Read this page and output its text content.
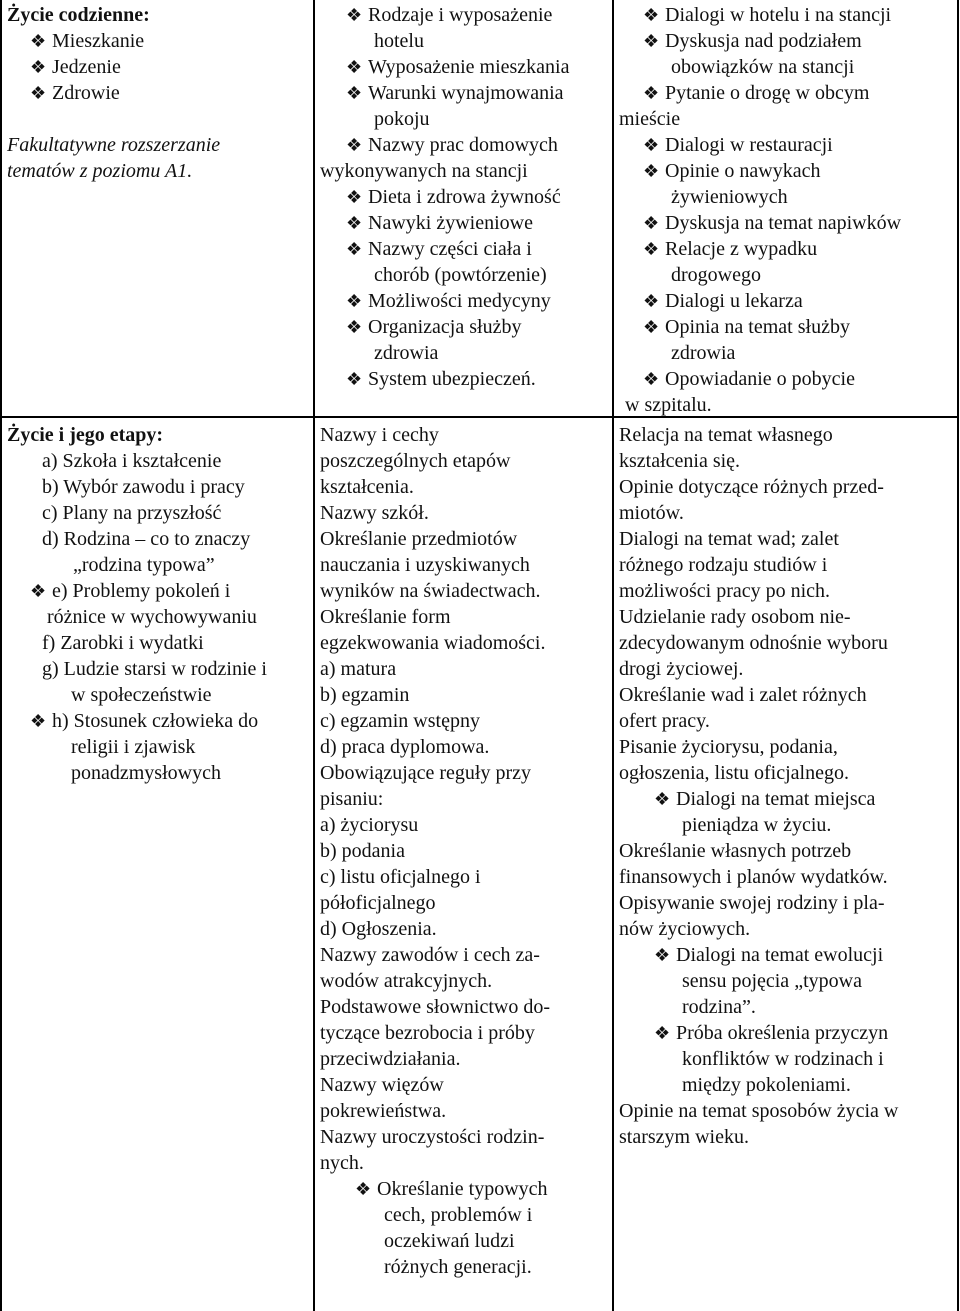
Życie codzienne:
❖ Mieszkanie
❖ Jedzenie
❖ Zdrowie
Fakultatywne rozszerzanie
tematów z poziomu A1.
Życie i jego etapy:
a) Szkoła i kształcenie
b) Wybór zawodu i pracy
c) Plany na przyszłość
d) Rodzina – co to znaczy
„rodzina typowa”
❖ e) Problemy pokoleń i
różnice w wychowywaniu
f) Zarobki i wydatki
g) Ludzie starsi w rodzinie i
w społeczeństwie
❖ h) Stosunek człowieka do
religii i zjawisk
ponadzmysłowych
❖ Rodzaje i wyposażenie
hotelu
❖ Wyposażenie mieszkania
❖ Warunki wynajmowania
pokoju
❖ Nazwy prac domowych
wykonywanych na stancji
❖ Dieta i zdrowa żywność
❖ Nawyki żywieniowe
❖ Nazwy części ciała i
chorób (powtórzenie)
❖ Możliwości medycyny
❖ Organizacja służby
zdrowia
❖ System ubezpieczeń.
Nazwy i cechy
poszczególnych etapów
kształcenia.
Nazwy szkół.
Określanie przedmiotów
nauczania i uzyskiwanych
wyników na świadectwach.
Określanie form
egzekwowania wiadomości.
a) matura
b) egzamin
c) egzamin wstępny
d) praca dyplomowa.
Obowiązujące reguły przy
pisaniu:
a) życiorysu
b) podania
c) listu oficjalnego i
półoficjalnego
d) Ogłoszenia.
Nazwy zawodów i cech za-
wodów atrakcyjnych.
Podstawowe słownictwo do-
tyczące bezrobocia i próby
przeciwdziałania.
Nazwy więzów
pokrewieństwa.
Nazwy uroczystości rodzin-
nych.
❖ Określanie typowych
cech, problemów i
oczekiwań ludzi
różnych generacji.
❖ Dialogi w hotelu i na stancji
❖ Dyskusja nad podziałem
obowiązków na stancji
❖ Pytanie o drogę w obcym
mieście
❖ Dialogi w restauracji
❖ Opinie o nawykach
żywieniowych
❖ Dyskusja na temat napiwków
❖ Relacje z wypadku
drogowego
❖ Dialogi u lekarza
❖ Opinia na temat służby
zdrowia
❖ Opowiadanie o pobycie
w szpitalu.
Relacja na temat własnego
kształcenia się.
Opinie dotyczące różnych przed-
miotów.
Dialogi na temat wad; zalet
różnego rodzaju studiów i
możliwości pracy po nich.
Udzielanie rady osobom nie-
zdecydowanym odnośnie wyboru
drogi życiowej.
Określanie wad i zalet różnych
ofert pracy.
Pisanie życiorysu, podania,
ogłoszenia, listu oficjalnego.
❖ Dialogi na temat miejsca
pieniądza w życiu.
Określanie własnych potrzeb
finansowych i planów wydatków.
Opisywanie swojej rodziny i pla-
nów życiowych.
❖ Dialogi na temat ewolucji
sensu pojęcia „typowa
rodzina”.
❖ Próba określenia przyczyn
konfliktów w rodzinach i
między pokoleniami.
Opinie na temat sposobów życia w
starszym wieku.
